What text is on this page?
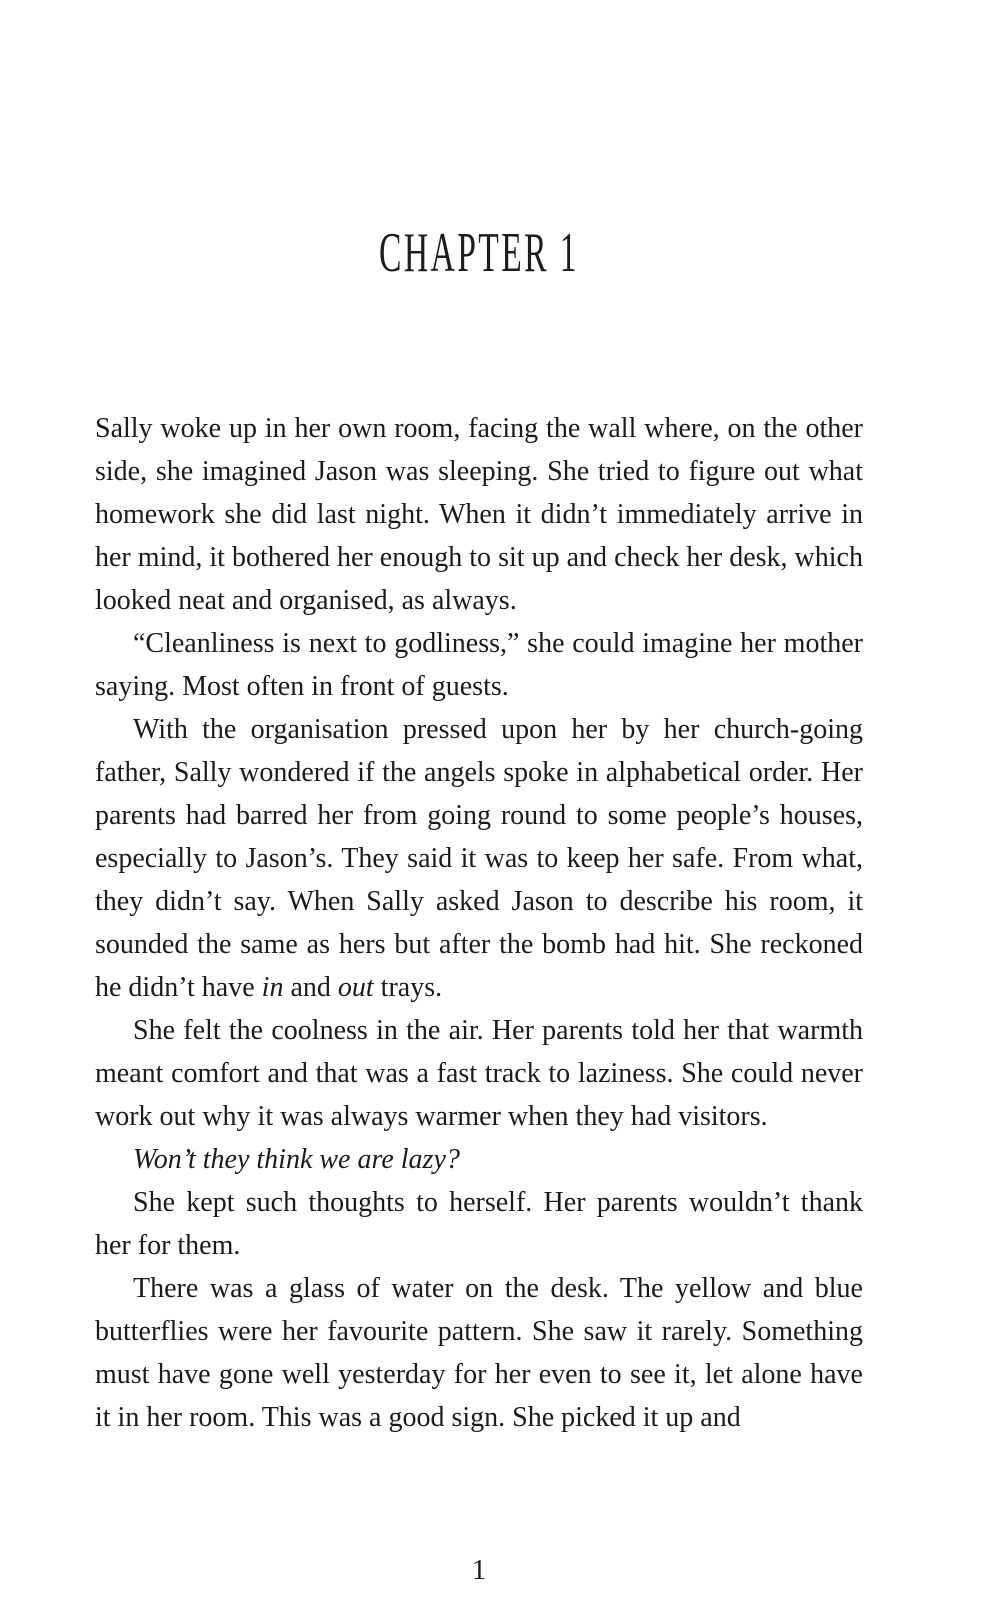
CHAPTER 1

Sally woke up in her own room, facing the wall where, on the other side, she imagined Jason was sleeping. She tried to figure out what homework she did last night. When it didn’t immediately arrive in her mind, it bothered her enough to sit up and check her desk, which looked neat and organised, as always.

“Cleanliness is next to godliness,” she could imagine her mother saying. Most often in front of guests.

With the organisation pressed upon her by her church-going father, Sally wondered if the angels spoke in alphabetical order. Her parents had barred her from going round to some people’s houses, especially to Jason’s. They said it was to keep her safe. From what, they didn’t say. When Sally asked Jason to describe his room, it sounded the same as hers but after the bomb had hit. She reckoned he didn’t have in and out trays.

She felt the coolness in the air. Her parents told her that warmth meant comfort and that was a fast track to laziness. She could never work out why it was always warmer when they had visitors.

Won’t they think we are lazy?

She kept such thoughts to herself. Her parents wouldn’t thank her for them.

There was a glass of water on the desk. The yellow and blue butterflies were her favourite pattern. She saw it rarely. Something must have gone well yesterday for her even to see it, let alone have it in her room. This was a good sign. She picked it up and

1
